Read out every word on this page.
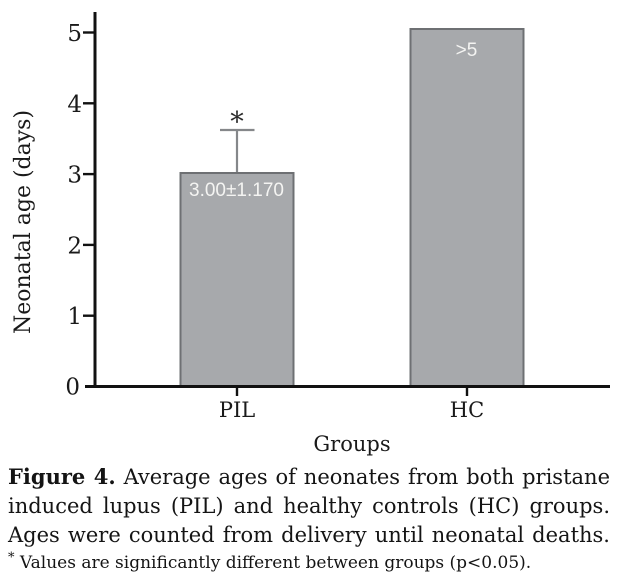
*
3.00±1.170
>5
5
4
3
2
1
0
Neonatal age (days)
PIL	HC
Groups
Figure 4. Average ages of neonates from both pristane
induced lupus (PIL) and healthy controls (HC) groups.
Ages were counted from delivery until neonatal deaths.
* Values are significantly different between groups (p<0.05).
